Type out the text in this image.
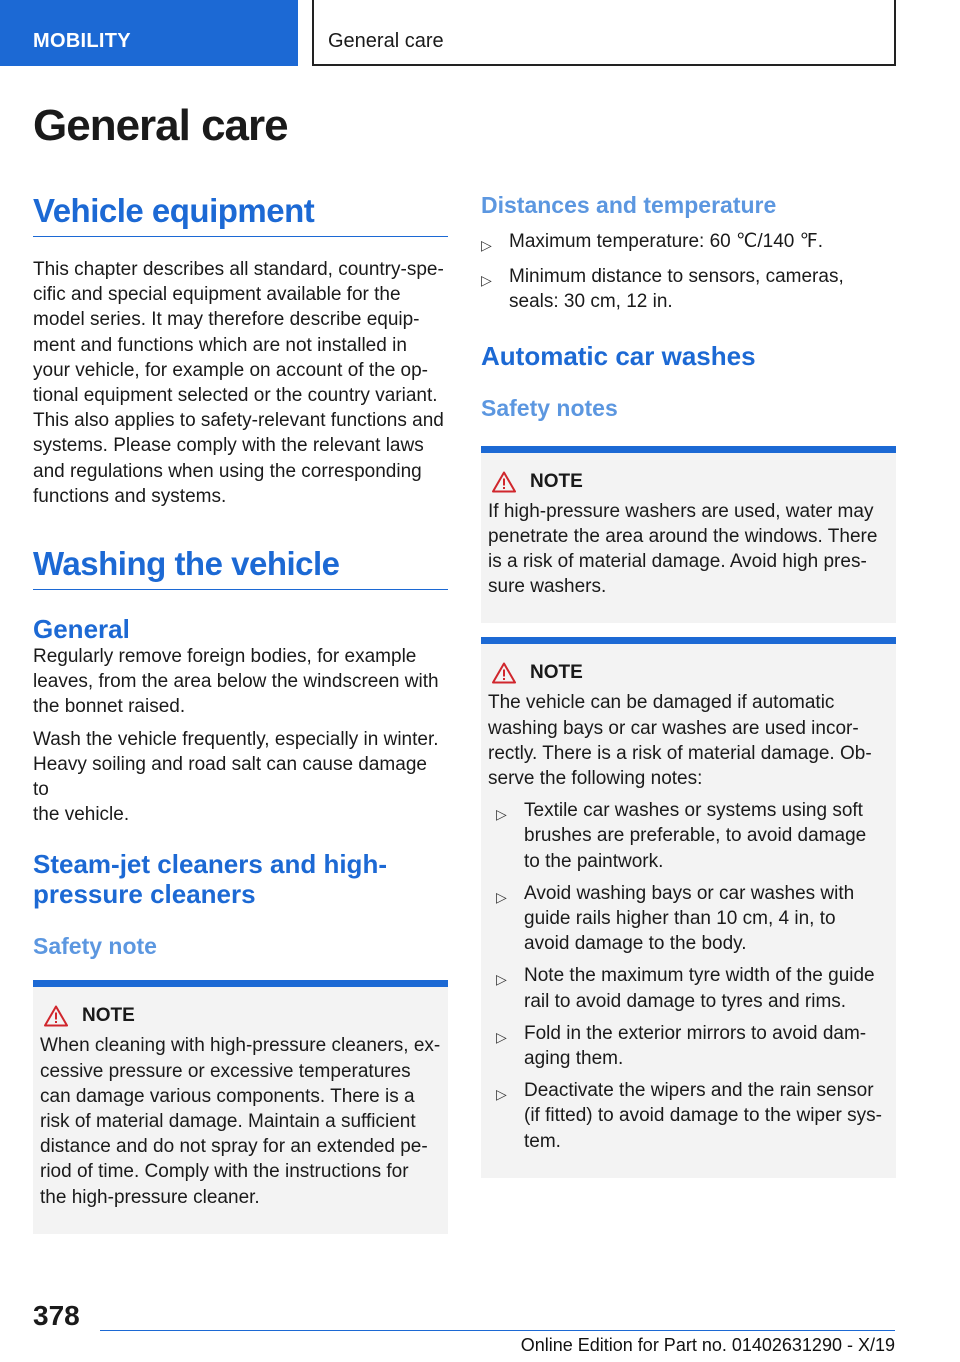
MOBILITY	General care
General care
Vehicle equipment

This chapter describes all standard, country-spe-
cific and special equipment available for the
model series. It may therefore describe equip-
ment and functions which are not installed in
your vehicle, for example on account of the op-
tional equipment selected or the country variant.
This also applies to safety-relevant functions and
systems. Please comply with the relevant laws
and regulations when using the corresponding
functions and systems.

Washing the vehicle
General

Regularly remove foreign bodies, for example
leaves, from the area below the windscreen with
the bonnet raised.

Wash the vehicle frequently, especially in winter.
Heavy soiling and road salt can cause damage to
the vehicle.

Steam-jet cleaners and high-
pressure cleaners
Safety note
NOTE

When cleaning with high-pressure cleaners, ex-
cessive pressure or excessive temperatures
can damage various components. There is a
risk of material damage. Maintain a sufficient
distance and do not spray for an extended pe-
riod of time. Comply with the instructions for
the high-pressure cleaner.

Distances and temperature
▷ Maximum temperature: 60 ℃/140 ℉.
▷ Minimum distance to sensors, cameras,
seals: 30 cm, 12 in.
Automatic car washes
Safety notes
NOTE

If high-pressure washers are used, water may
penetrate the area around the windows. There
is a risk of material damage. Avoid high pres-
sure washers.

NOTE

The vehicle can be damaged if automatic
washing bays or car washes are used incor-
rectly. There is a risk of material damage. Ob-
serve the following notes:

▷ Textile car washes or systems using soft
brushes are preferable, to avoid damage
to the paintwork.
▷ Avoid washing bays or car washes with
guide rails higher than 10 cm, 4 in, to
avoid damage to the body.
▷ Note the maximum tyre width of the guide
rail to avoid damage to tyres and rims.
▷ Fold in the exterior mirrors to avoid dam-
aging them.
▷ Deactivate the wipers and the rain sensor
(if fitted) to avoid damage to the wiper sys-
tem.
378
Online Edition for Part no. 01402631290 - X/19
